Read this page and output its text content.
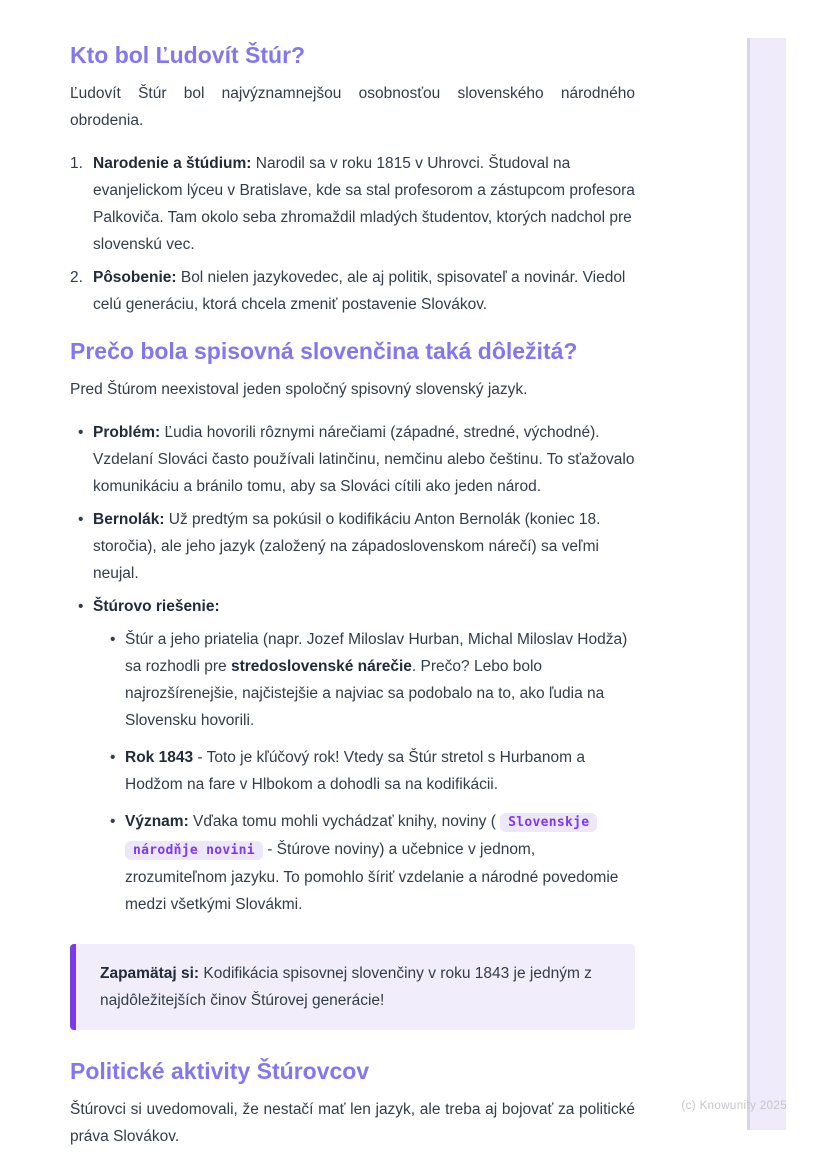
Kto bol Ľudovít Štúr?

Ľudovít Štúr bol najvýznamnejšou osobnosťou slovenského národného obrodenia.

1. Narodenie a štúdium: Narodil sa v roku 1815 v Uhrovci. Študoval na evanjelickom lýceu v Bratislave, kde sa stal profesorom a zástupcom profesora Palkoviča. Tam okolo seba zhromaždil mladých študentov, ktorých nadchol pre slovenskú vec.
2. Pôsobenie: Bol nielen jazykovedec, ale aj politik, spisovateľ a novinár. Viedol celú generáciu, ktorá chcela zmeniť postavenie Slovákov.
Prečo bola spisovná slovenčina taká dôležitá?

Pred Štúrom neexistoval jeden spoločný spisovný slovenský jazyk.

• Problém: Ľudia hovorili rôznymi nárečiami (západné, stredné, východné). Vzdelaní Slováci často používali latinčinu, nemčinu alebo češtinu. To sťažovalo komunikáciu a bránilo tomu, aby sa Slováci cítili ako jeden národ.
• Bernolák: Už predtým sa pokúsil o kodifikáciu Anton Bernolák (koniec 18. storočia), ale jeho jazyk (založený na západoslovenskom nárečí) sa veľmi neujal.
• Štúrovo riešenie:
• Štúr a jeho priatelia (napr. Jozef Miloslav Hurban, Michal Miloslav Hodža) sa rozhodli pre stredoslovenské nárečie. Prečo? Lebo bolo najrozšírenejšie, najčistejšie a najviac sa podobalo na to, ako ľudia na Slovensku hovorili.
• Rok 1843 - Toto je kľúčový rok! Vtedy sa Štúr stretol s Hurbanom a Hodžom na fare v Hlbokom a dohodli sa na kodifikácii.
• Význam: Vďaka tomu mohli vychádzať knihy, noviny ( Slovenskje národňje novini - Štúrove noviny) a učebnice v jednom, zrozumiteľnom jazyku. To pomohlo šíriť vzdelanie a národné povedomie medzi všetkými Slovákmi.
Zapamätaj si: Kodifikácia spisovnej slovenčiny v roku 1843 je jedným z najdôležitejších činov Štúrovej generácie!
Politické aktivity Štúrovcov

Štúrovci si uvedomovali, že nestačí mať len jazyk, ale treba aj bojovať za politické práva Slovákov.

(c) Knowunity 2025
